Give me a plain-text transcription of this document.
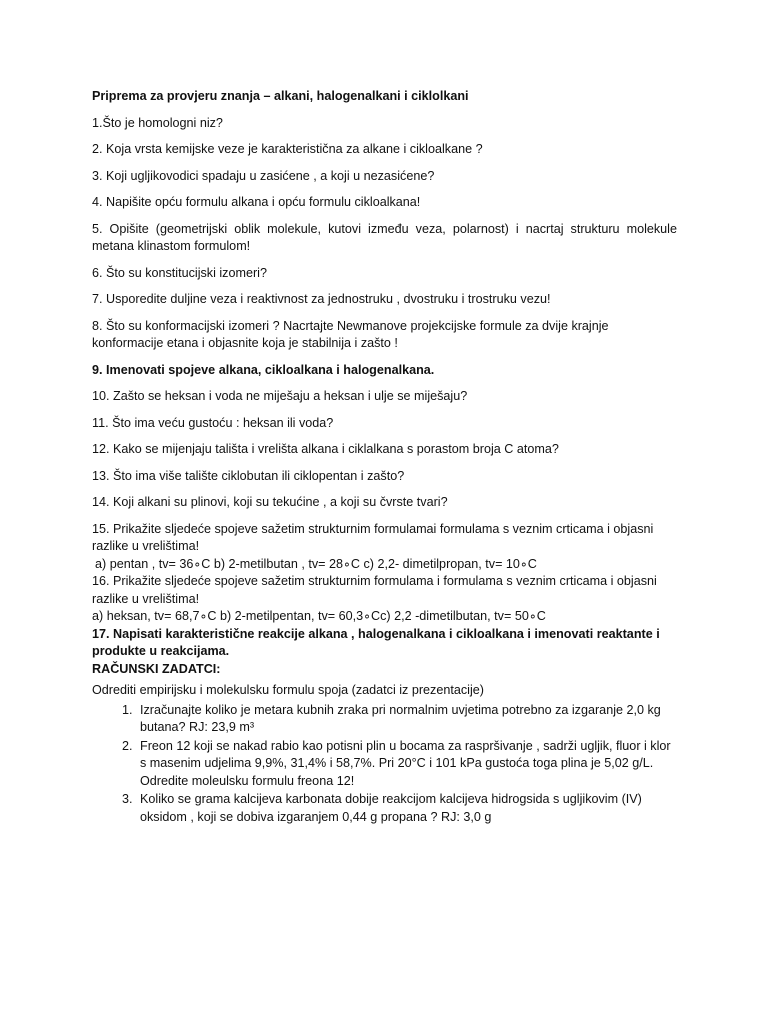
Priprema za provjeru znanja – alkani, halogenalkani i ciklolkani

1.Što je homologni niz?

2. Koja vrsta kemijske veze je karakteristična za alkane i cikloalkane ?

3. Koji ugljikovodici spadaju u zasićene , a koji u nezasićene?

4. Napišite opću formulu alkana i opću formulu cikloalkana!

5. Opišite (geometrijski oblik molekule, kutovi između veza, polarnost) i nacrtaj strukturu molekule metana klinastom formulom!

6. Što su konstitucijski izomeri?

7. Usporedite duljine veza i reaktivnost za jednostruku , dvostruku i trostruku vezu!

8. Što su konformacijski izomeri ? Nacrtajte Newmanove projekcijske formule za dvije krajnje konformacije etana i objasnite koja je stabilnija i zašto !

9. Imenovati spojeve alkana, cikloalkana i halogenalkana.

10. Zašto se heksan i voda ne miješaju a heksan i ulje se miješaju?

11. Što ima veću gustoću : heksan ili voda?

12. Kako se mijenjaju tališta i vrelišta alkana i ciklalkana s porastom broja C atoma?

13. Što ima više talište ciklobutan ili ciklopentan i zašto?

14. Koji alkani su plinovi, koji su tekućine , a koji su čvrste tvari?

15. Prikažite sljedeće spojeve sažetim strukturnim formulamai formulama s veznim crticama i objasni razlike u vrelištima!

a) pentan , tv= 36∘C b) 2-metilbutan , tv= 28∘C c) 2,2- dimetilpropan, tv= 10∘C

16. Prikažite sljedeće spojeve sažetim strukturnim formulama i formulama s veznim crticama i objasni razlike u vrelištima!

a) heksan, tv= 68,7∘C b) 2-metilpentan, tv= 60,3∘Cc) 2,2 -dimetilbutan, tv= 50∘C

17. Napisati karakteristične reakcije alkana , halogenalkana i cikloalkana i imenovati reaktante i produkte u reakcijama.

RAČUNSKI ZADATCI:

Odrediti empirijsku i molekulsku formulu spoja (zadatci iz prezentacije)

1. Izračunajte koliko je metara kubnih zraka pri normalnim uvjetima potrebno za izgaranje 2,0 kg butana? RJ: 23,9 m³
2. Freon 12 koji se nakad rabio kao potisni plin u bocama za raspršivanje , sadrži ugljik, fluor i klor s masenim udjelima 9,9%, 31,4% i 58,7%. Pri 20°C i 101 kPa gustoća toga plina je 5,02 g/L. Odredite moleulsku formulu freona 12!
3. Koliko se grama kalcijeva karbonata dobije reakcijom kalcijeva hidrogsida s ugljikovim (IV) oksidom , koji se dobiva izgaranjem 0,44 g propana ? RJ: 3,0 g
